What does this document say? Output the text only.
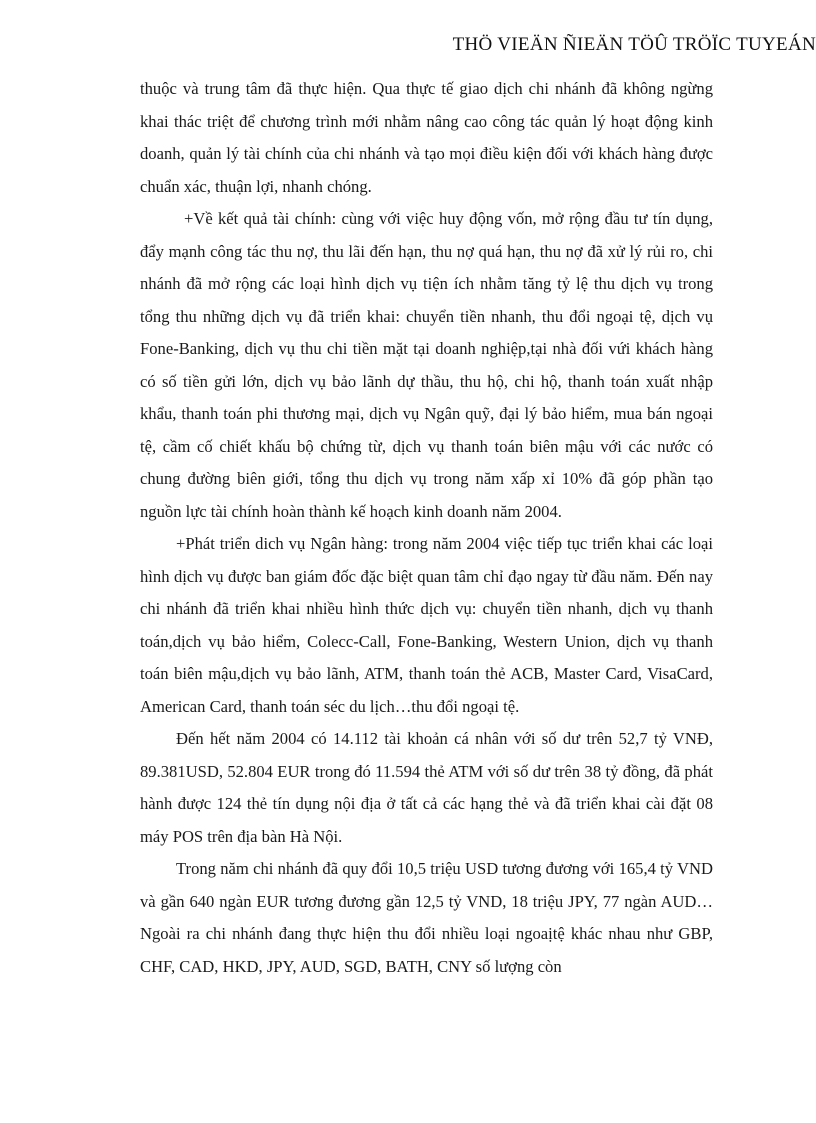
THÖ VIEÄN ÑIEÄN TÖÛ TRÖÏC TUYEÁN

thuộc và trung tâm đã thực hiện. Qua thực tế giao dịch chi nhánh đã không ngừng khai thác triệt để chương trình mới nhằm nâng cao công tác quản lý hoạt động kinh doanh, quản lý tài chính của chi nhánh và tạo mọi điều kiện đối với khách hàng được chuẩn xác, thuận lợi, nhanh chóng.

+Về kết quả tài chính: cùng với việc huy động vốn, mở rộng đầu tư tín dụng, đẩy mạnh công tác thu nợ, thu lãi đến hạn, thu nợ quá hạn, thu nợ đã xử lý rủi ro, chi nhánh đã mở rộng các loại hình dịch vụ tiện ích nhằm tăng tỷ lệ thu dịch vụ trong tổng thu những dịch vụ đã triển khai: chuyển tiền nhanh, thu đổi ngoại tệ, dịch vụ Fone-Banking, dịch vụ thu chi tiền mặt tại doanh nghiệp,tại nhà đối vứi khách hàng có số tiền gửi lớn, dịch vụ bảo lãnh dự thầu, thu hộ, chi hộ, thanh toán xuất nhập khẩu, thanh toán phi thương mại, dịch vụ Ngân quỹ, đại lý bảo hiểm, mua bán ngoại tệ, cầm cố chiết khấu bộ chứng từ, dịch vụ thanh toán biên mậu với các nước có chung đường biên giới, tổng thu dịch vụ trong năm xấp xỉ 10% đã góp phần tạo nguồn lực tài chính hoàn thành kế hoạch kinh doanh năm 2004.

+Phát triển dich vụ Ngân hàng: trong năm 2004 việc tiếp tục triển khai các loại hình dịch vụ được ban giám đốc đặc biệt quan tâm chỉ đạo ngay từ đầu năm. Đến nay chi nhánh đã triển khai nhiều hình thức dịch vụ: chuyển tiền nhanh, dịch vụ thanh toán,dịch vụ bảo hiểm, Colecc-Call, Fone-Banking, Western Union, dịch vụ thanh toán biên mậu,dịch vụ bảo lãnh, ATM, thanh toán thẻ ACB, Master Card, VisaCard, American Card, thanh toán séc du lịch…thu đổi ngoại tệ.

Đến hết năm 2004 có 14.112 tài khoản cá nhân với số dư trên 52,7 tỷ VNĐ, 89.381USD, 52.804 EUR trong đó 11.594 thẻ ATM với số dư trên 38 tỷ đồng, đã phát hành được 124 thẻ tín dụng nội địa ở tất cả các hạng thẻ và đã triển khai cài đặt 08 máy POS trên địa bàn Hà Nội.

Trong năm chi nhánh đã quy đổi 10,5 triệu USD tương đương với 165,4 tỷ VND và gần 640 ngàn EUR tương đương gần 12,5 tỷ VND, 18 triệu JPY, 77 ngàn AUD… Ngoài ra chi nhánh đang thực hiện thu đổi nhiều loại ngoaịtệ khác nhau như GBP, CHF, CAD, HKD, JPY, AUD, SGD, BATH, CNY số lượng còn
